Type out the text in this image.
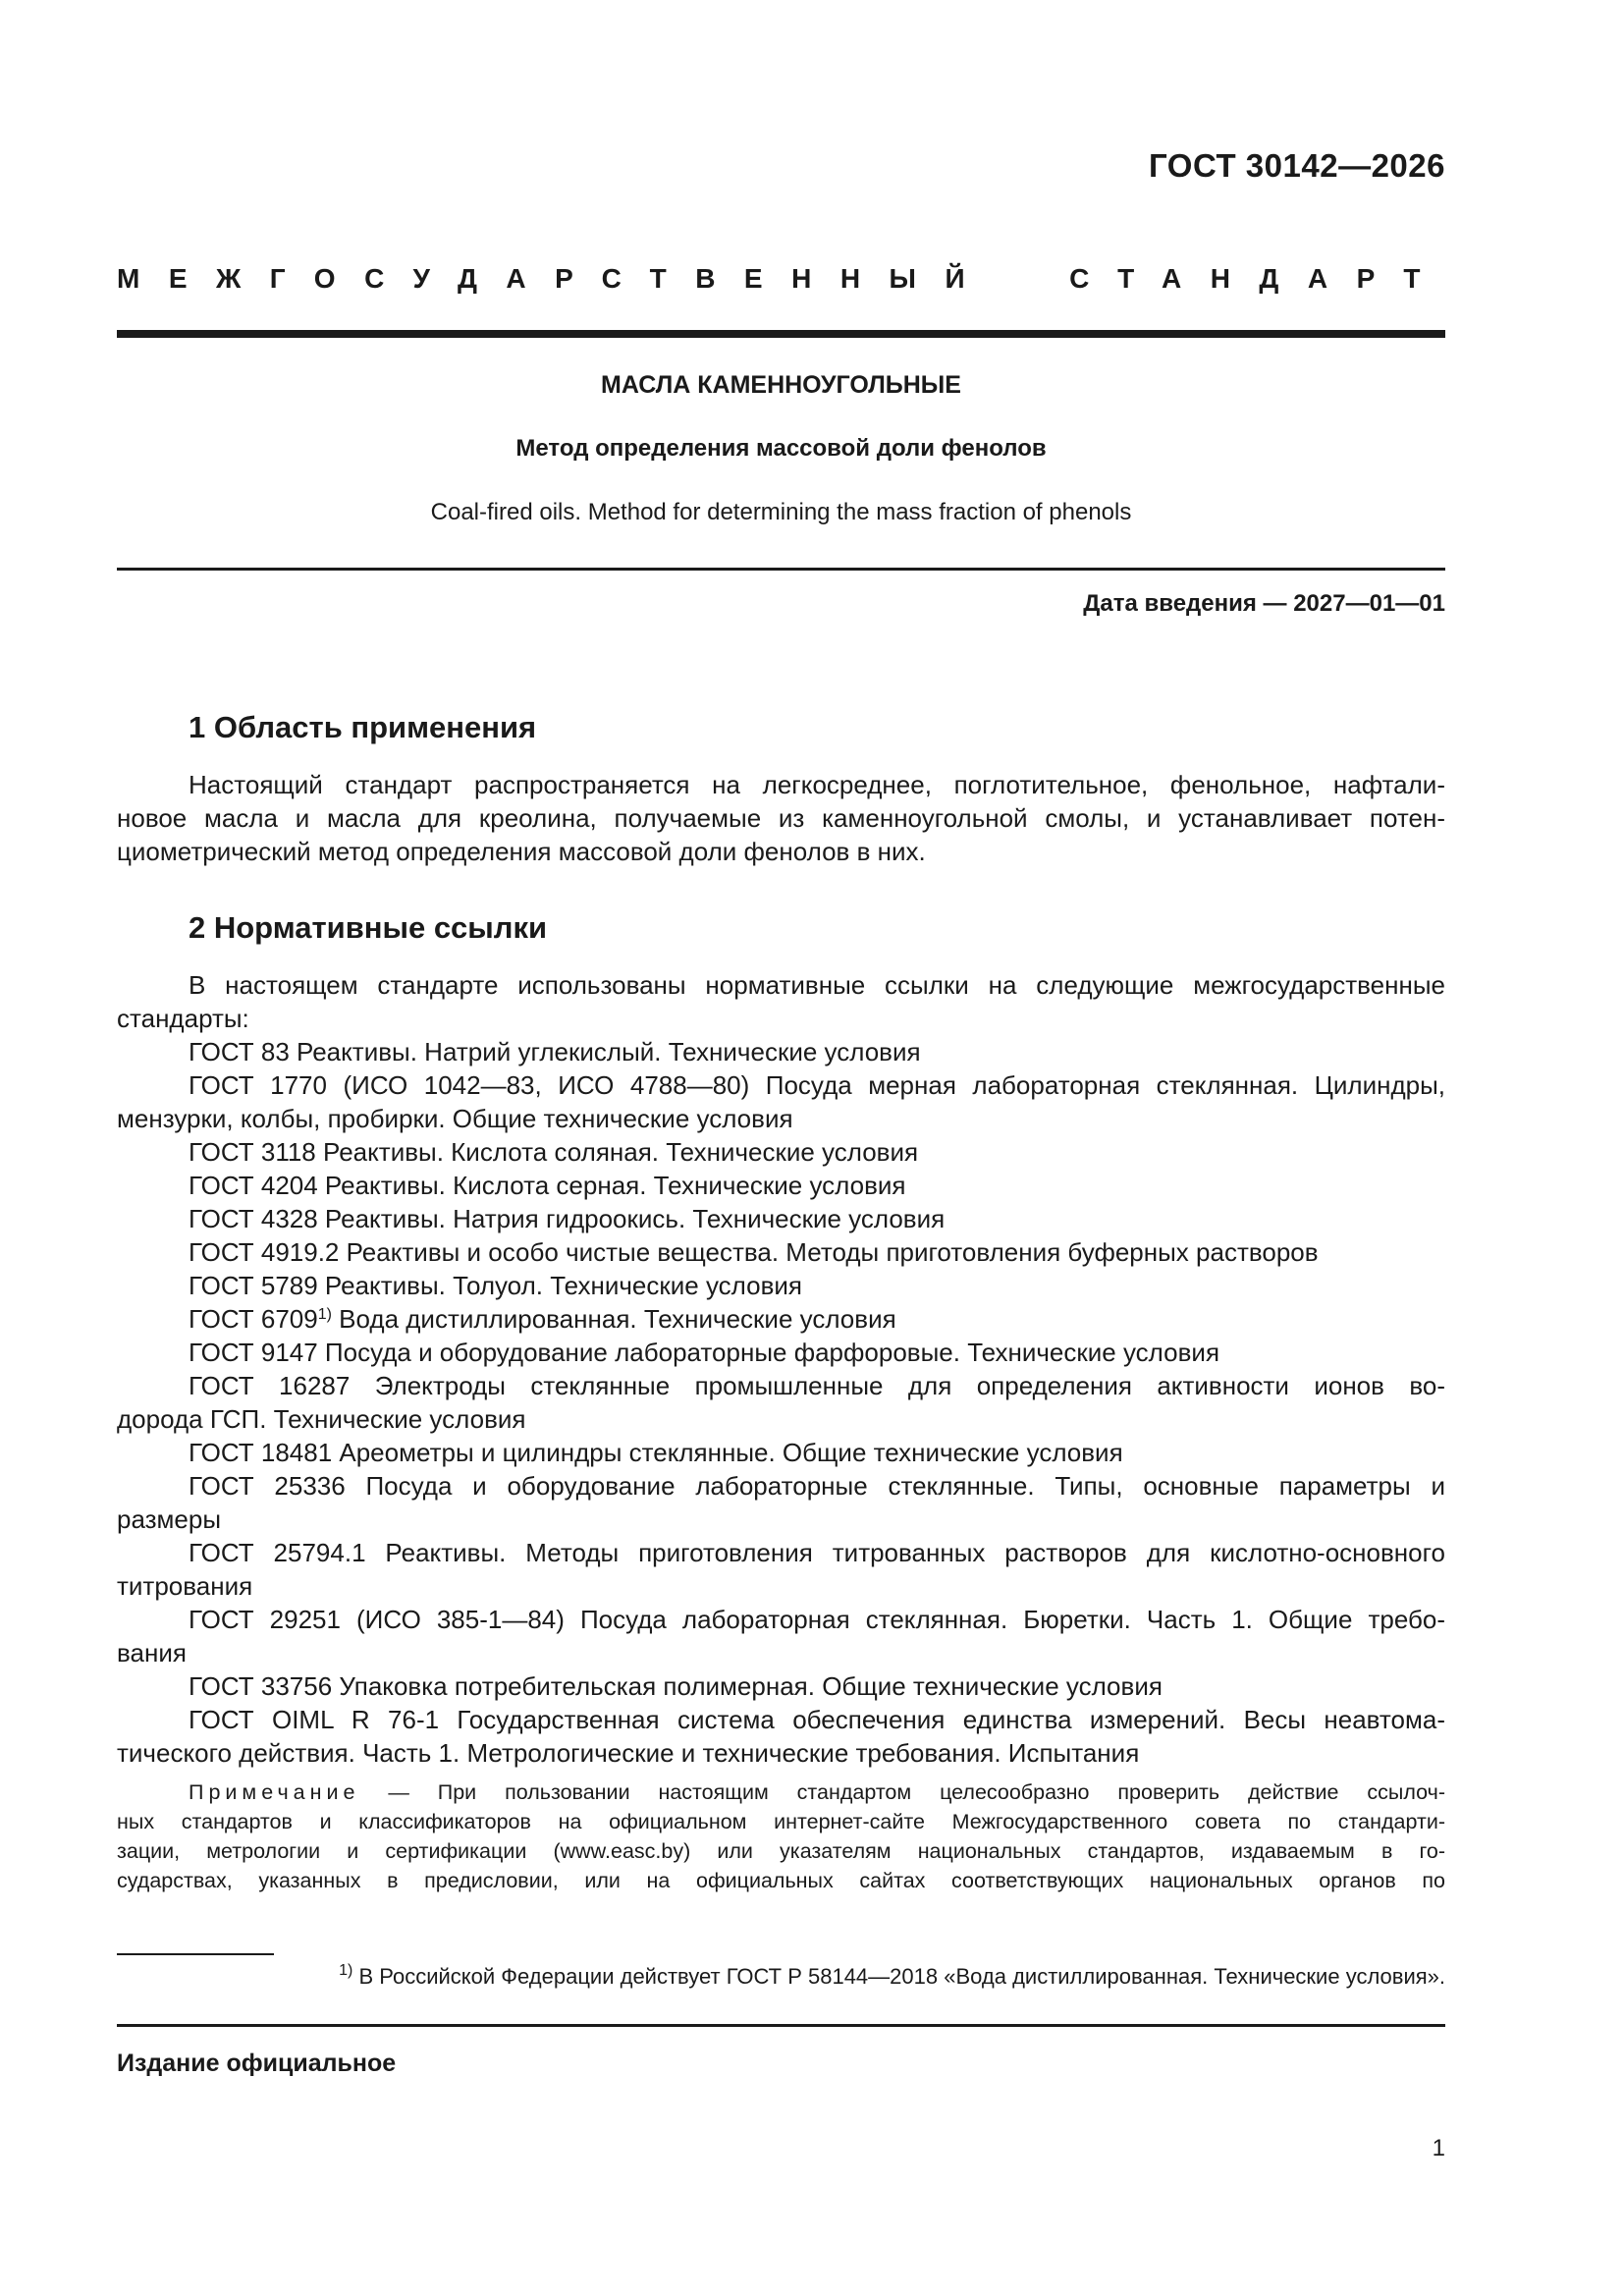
ГОСТ 30142—2026
МЕЖГОСУДАРСТВЕННЫЙ	СТАНДАРТ
МАСЛА КАМЕННОУГОЛЬНЫЕ
Метод определения массовой доли фенолов
Coal-fired oils. Method for determining the mass fraction of phenols
Дата введения — 2027—01—01
1 Область применения
Настоящий стандарт распространяется на легкосреднее, поглотительное, фенольное, нафтали-
новое масла и масла для креолина, получаемые из каменноугольной смолы, и устанавливает потен-
циометрический метод определения массовой доли фенолов в них.
2 Нормативные ссылки
В настоящем стандарте использованы нормативные ссылки на следующие межгосударственные
стандарты:
ГОСТ 83 Реактивы. Натрий углекислый. Технические условия
ГОСТ 1770 (ИСО 1042—83, ИСО 4788—80) Посуда мерная лабораторная стеклянная. Цилиндры,
мензурки, колбы, пробирки. Общие технические условия
ГОСТ 3118 Реактивы. Кислота соляная. Технические условия
ГОСТ 4204 Реактивы. Кислота серная. Технические условия
ГОСТ 4328 Реактивы. Натрия гидроокись. Технические условия
ГОСТ 4919.2 Реактивы и особо чистые вещества. Методы приготовления буферных растворов
ГОСТ 5789 Реактивы. Толуол. Технические условия
ГОСТ 6709$^{1)}$ Вода дистиллированная. Технические условия
ГОСТ 9147 Посуда и оборудование лабораторные фарфоровые. Технические условия
ГОСТ 16287 Электроды стеклянные промышленные для определения активности ионов во-
дорода ГСП. Технические условия
ГОСТ 18481 Ареометры и цилиндры стеклянные. Общие технические условия
ГОСТ 25336 Посуда и оборудование лабораторные стеклянные. Типы, основные параметры и
размеры
ГОСТ 25794.1 Реактивы. Методы приготовления титрованных растворов для кислотно-основного
титрования
ГОСТ 29251 (ИСО 385-1—84) Посуда лабораторная стеклянная. Бюретки. Часть 1. Общие требо-
вания
ГОСТ 33756 Упаковка потребительская полимерная. Общие технические условия
ГОСТ OIML R 76-1 Государственная система обеспечения единства измерений. Весы неавтома-
тического действия. Часть 1. Метрологические и технические требования. Испытания
Примечание — При пользовании настоящим стандартом целесообразно проверить действие ссылоч-
ных стандартов и классификаторов на официальном интернет-сайте Межгосударственного совета по стандарти-
зации, метрологии и сертификации (www.easc.by) или указателям национальных стандартов, издаваемым в го-
сударствах, указанных в предисловии, или на официальных сайтах соответствующих национальных органов по
$^{1)}$ В Российской Федерации действует ГОСТ Р 58144—2018 «Вода дистиллированная. Технические условия».
Издание официальное
1
